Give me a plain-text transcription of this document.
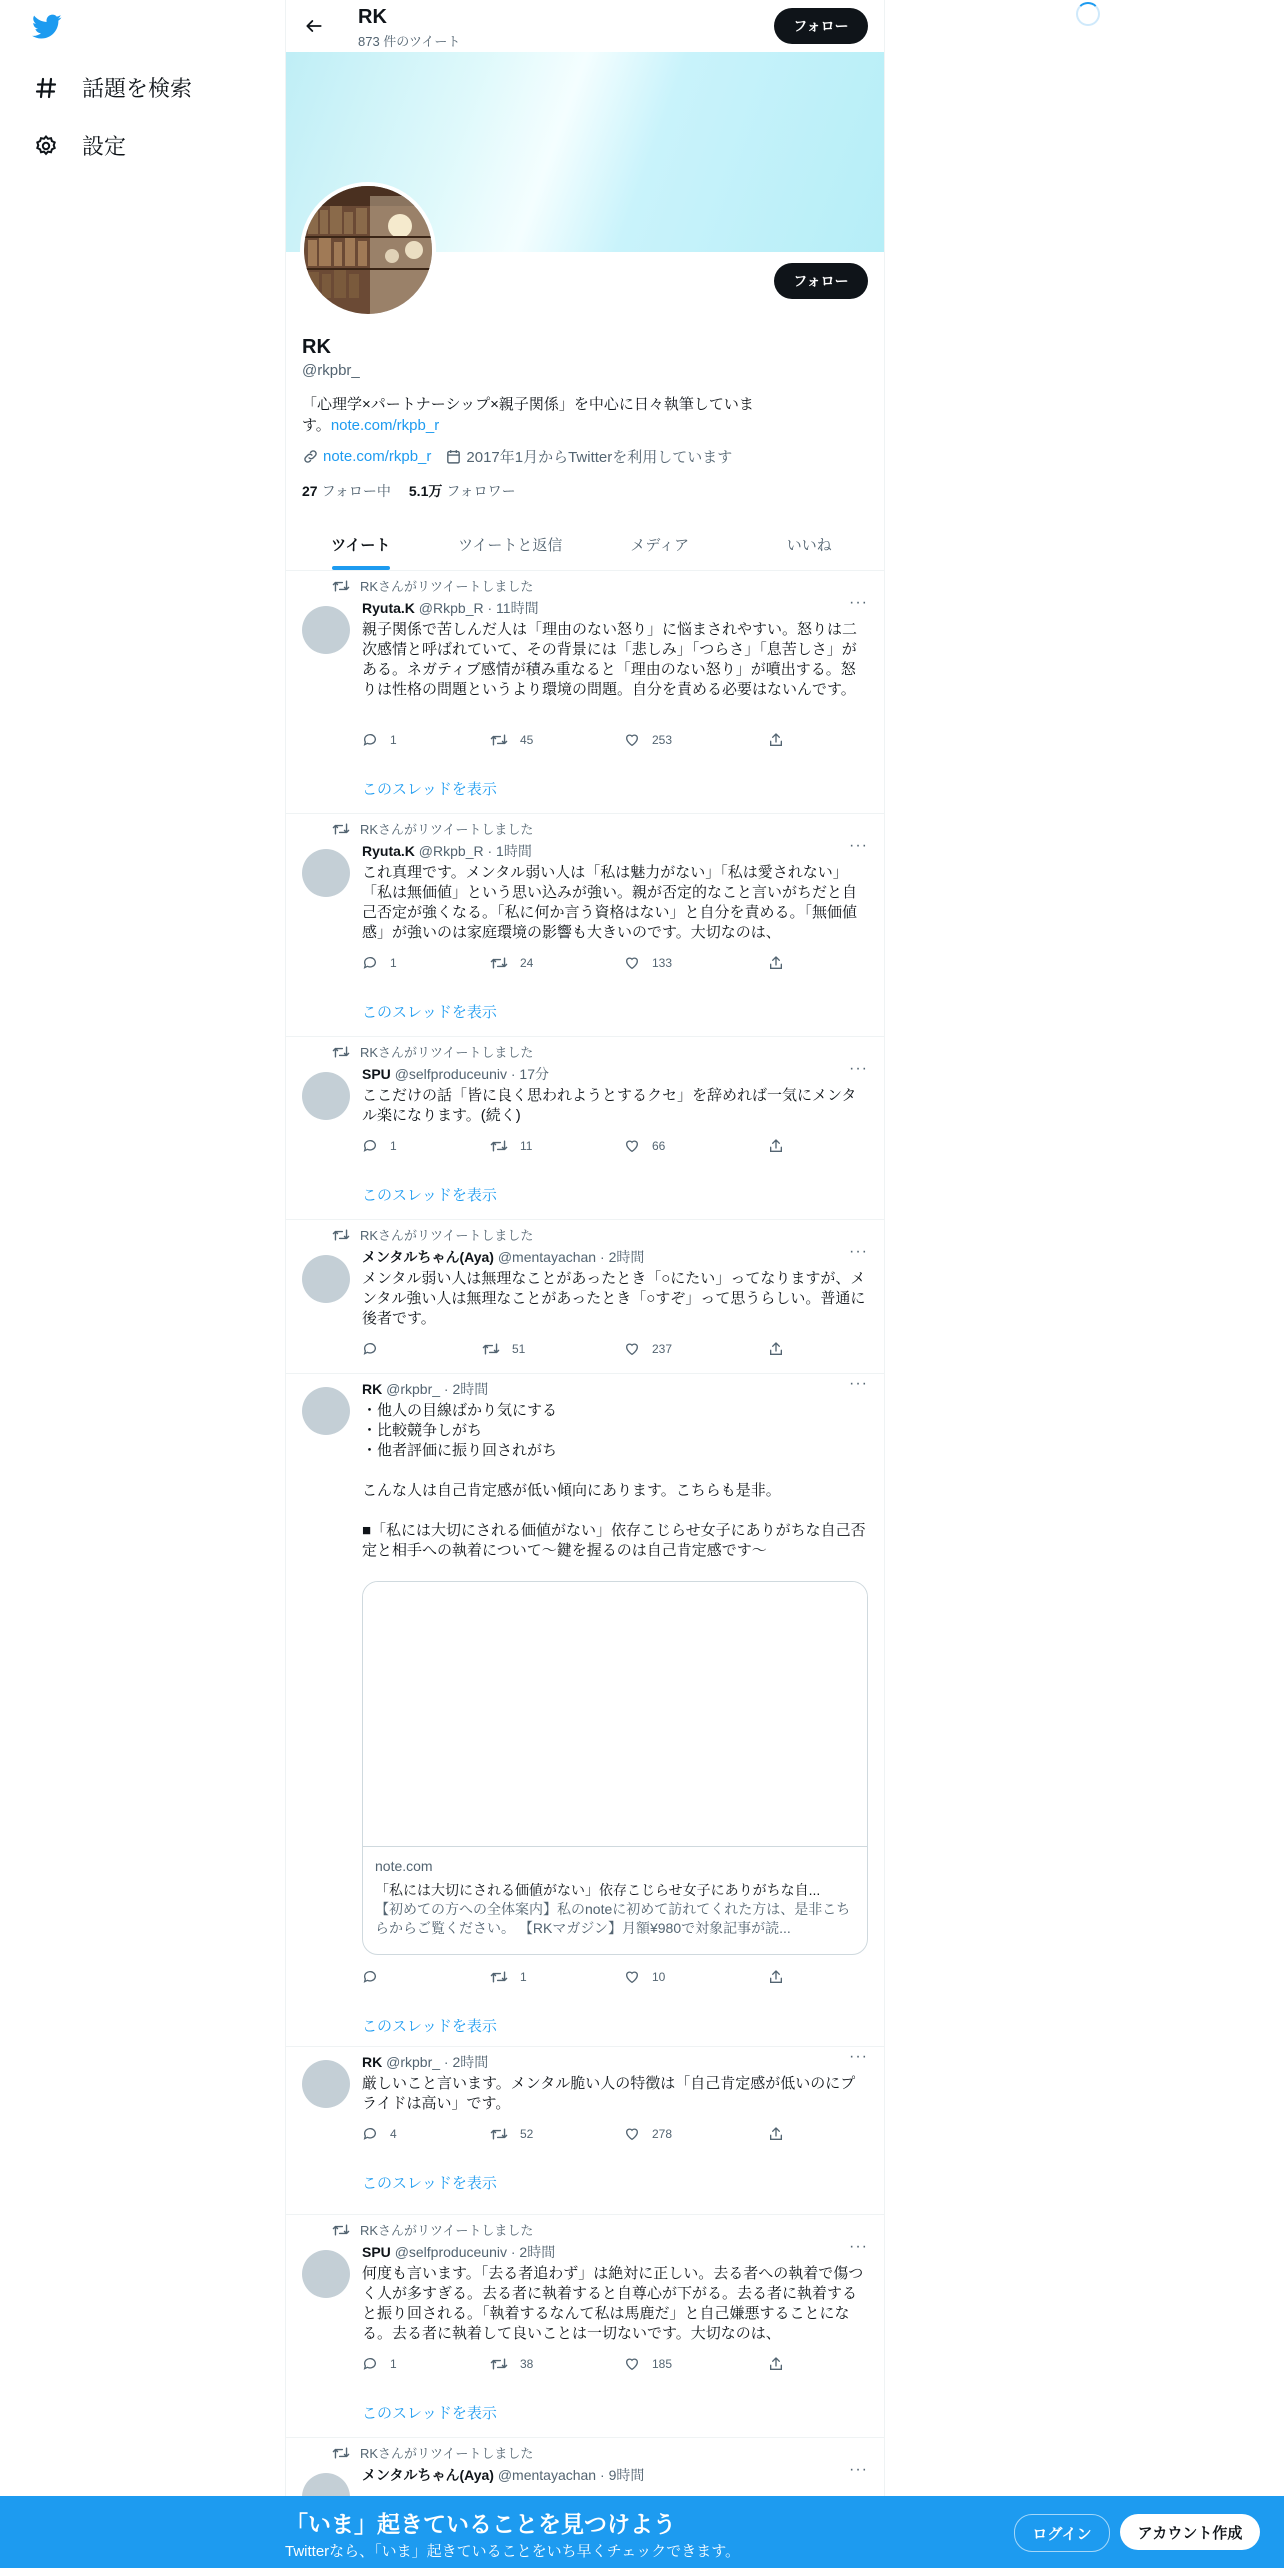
話題を検索
設定
RK
873 件のツイート
フォロー
フォロー
RK
@rkpbr_
「心理学×パートナーシップ×親子関係」を中心に日々執筆していま す。note.com/rkpb_r
note.com/rkpb_r 2017年1月からTwitterを利用しています
27 フォロー中 5.1万 フォロワー
ツイート	ツイートと返信	メディア	いいね
RKさんがリツイートしました
Ryuta.K @Rkpb_R · 11時間	···
親子関係で苦しんだ人は「理由のない怒り」に悩まされやすい。怒りは二次感情と呼ばれていて、その背景には「悲しみ」「つらさ」「息苦しさ」がある。ネガティブ感情が積み重なると「理由のない怒り」が噴出する。怒りは性格の問題というより環境の問題。自分を責める必要はないんです。
1	45	253
このスレッドを表示
RKさんがリツイートしました
Ryuta.K @Rkpb_R · 1時間	···
これ真理です。メンタル弱い人は「私は魅力がない」「私は愛されない」「私は無価値」という思い込みが強い。親が否定的なこと言いがちだと自己否定が強くなる。「私に何か言う資格はない」と自分を責める。「無価値感」が強いのは家庭環境の影響も大きいのです。大切なのは、
1	24	133
このスレッドを表示
RKさんがリツイートしました
SPU @selfproduceuniv · 17分	···
ここだけの話「皆に良く思われようとするクセ」を辞めれば一気にメンタル楽になります。(続く)
1	11	66
このスレッドを表示
RKさんがリツイートしました
メンタルちゃん(Aya) @mentayachan · 2時間	···
メンタル弱い人は無理なことがあったとき「○にたい」ってなりますが、メンタル強い人は無理なことがあったとき「○すぞ」って思うらしい。普通に後者です。
51	237
RK @rkpbr_ · 2時間	···
・他人の目線ばかり気にする
・比較競争しがち
・他者評価に振り回されがち

こんな人は自己肯定感が低い傾向にあります。こちらも是非。

■「私には大切にされる価値がない」依存こじらせ女子にありがちな自己否定と相手への執着について〜鍵を握るのは自己肯定感です〜
note.com
「私には大切にされる価値がない」依存こじらせ女子にありがちな自...
【初めての方への全体案内】私のnoteに初めて訪れてくれた方は、是非こちらからご覧ください。 【RKマガジン】月額¥980で対象記事が読...
1	10
このスレッドを表示
RK @rkpbr_ · 2時間	···
厳しいこと言います。メンタル脆い人の特徴は「自己肯定感が低いのにプライドは高い」です。
4	52	278
このスレッドを表示
RKさんがリツイートしました
SPU @selfproduceuniv · 2時間	···
何度も言います。「去る者追わず」は絶対に正しい。去る者への執着で傷つく人が多すぎる。去る者に執着すると自尊心が下がる。去る者に執着すると振り回される。「執着するなんて私は馬鹿だ」と自己嫌悪することになる。去る者に執着して良いことは一切ないです。大切なのは、
1	38	185
このスレッドを表示
RKさんがリツイートしました
メンタルちゃん(Aya) @mentayachan · 9時間	···
「いま」起きていることを見つけよう
Twitterなら、「いま」起きていることをいち早くチェックできます。
ログイン	アカウント作成
